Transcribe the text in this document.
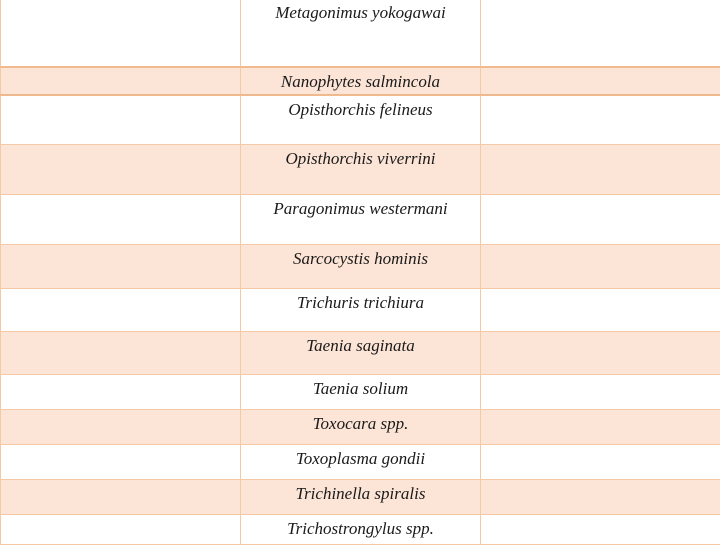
	Metagonimus yokogawai	

	Nanophytes salmincola	

	Opisthorchis felineus	

	Opisthorchis viverrini	

	Paragonimus westermani	

	Sarcocystis hominis	

	Trichuris trichiura	

	Taenia saginata	

	Taenia solium	

	Toxocara spp.	

	Toxoplasma gondii	

	Trichinella spiralis	

	Trichostrongylus spp.	
